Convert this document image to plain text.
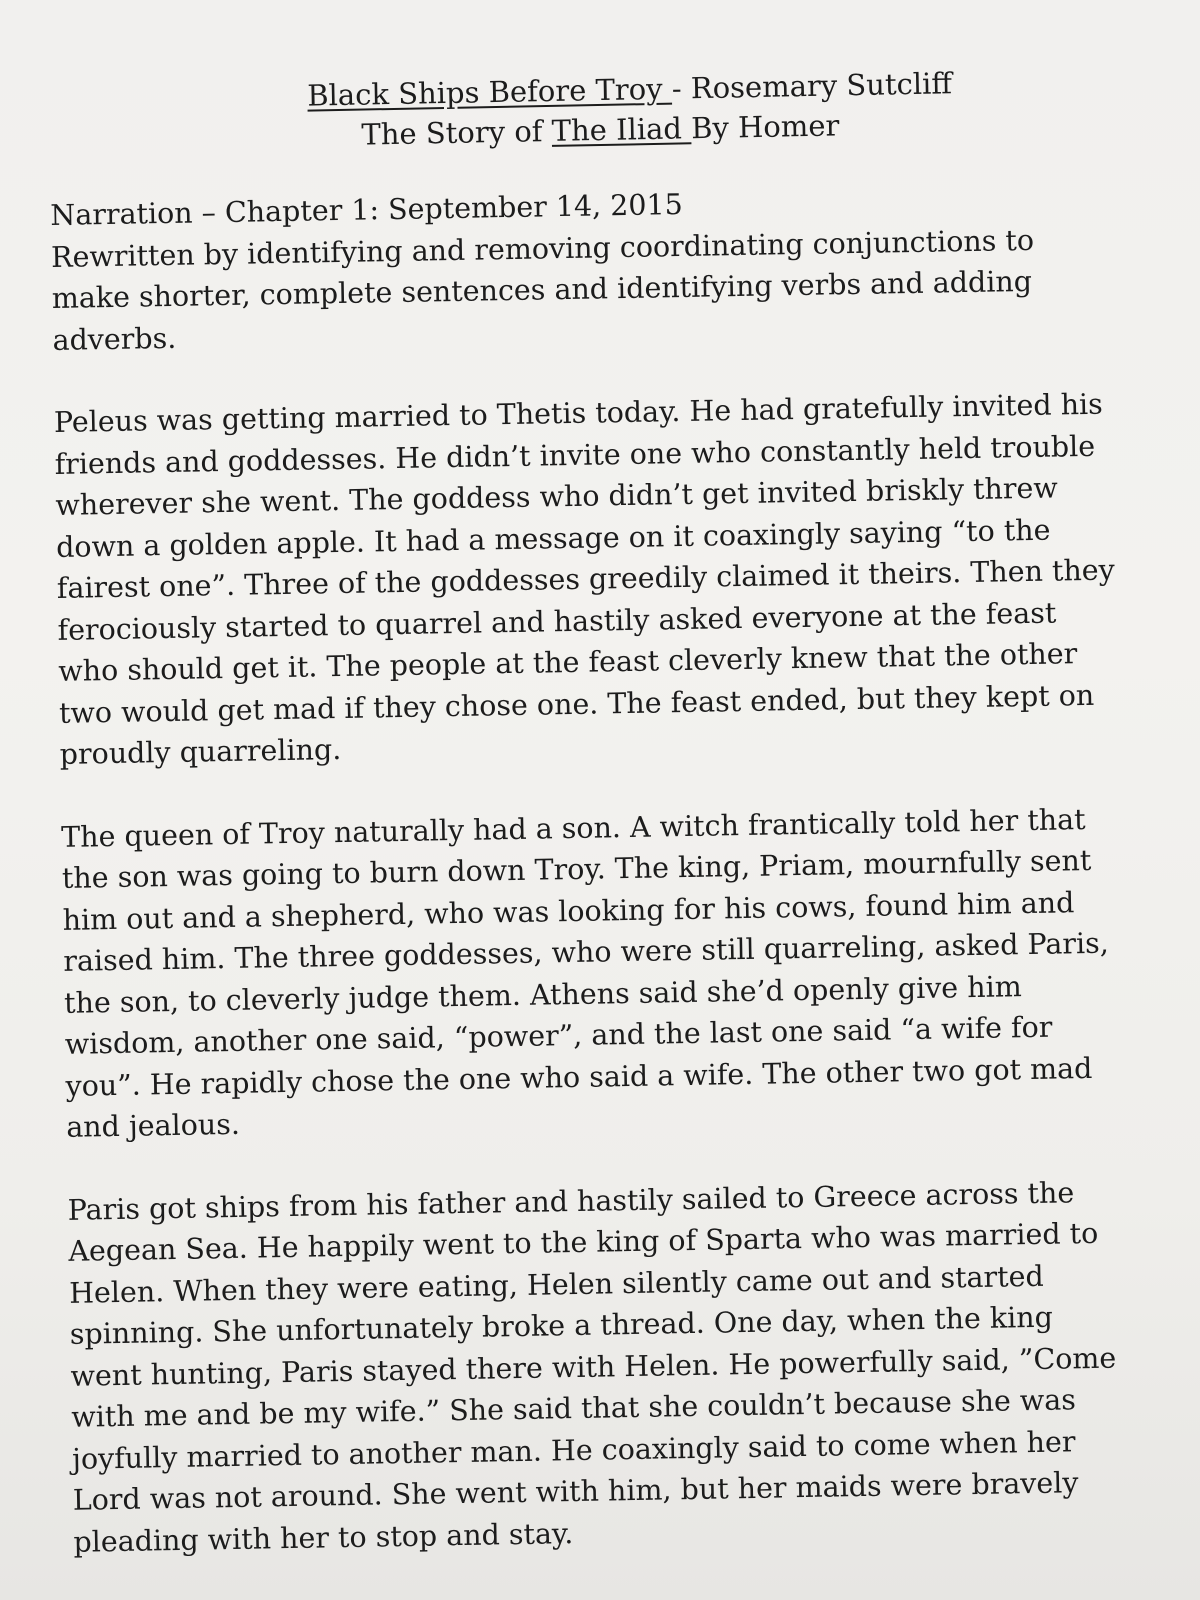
Black Ships Before Troy - Rosemary Sutcliff
The Story of The Iliad By Homer
Narration – Chapter 1: September 14, 2015
Rewritten by identifying and removing coordinating conjunctions to
make shorter, complete sentences and identifying verbs and adding
adverbs.
Peleus was getting married to Thetis today. He had gratefully invited his
friends and goddesses. He didn’t invite one who constantly held trouble
wherever she went. The goddess who didn’t get invited briskly threw
down a golden apple. It had a message on it coaxingly saying “to the
fairest one”. Three of the goddesses greedily claimed it theirs. Then they
ferociously started to quarrel and hastily asked everyone at the feast
who should get it. The people at the feast cleverly knew that the other
two would get mad if they chose one. The feast ended, but they kept on
proudly quarreling.
The queen of Troy naturally had a son. A witch frantically told her that
the son was going to burn down Troy. The king, Priam, mournfully sent
him out and a shepherd, who was looking for his cows, found him and
raised him. The three goddesses, who were still quarreling, asked Paris,
the son, to cleverly judge them. Athens said she’d openly give him
wisdom, another one said, “power”, and the last one said “a wife for
you”. He rapidly chose the one who said a wife. The other two got mad
and jealous.
Paris got ships from his father and hastily sailed to Greece across the
Aegean Sea. He happily went to the king of Sparta who was married to
Helen. When they were eating, Helen silently came out and started
spinning. She unfortunately broke a thread. One day, when the king
went hunting, Paris stayed there with Helen. He powerfully said, ”Come
with me and be my wife.” She said that she couldn’t because she was
joyfully married to another man. He coaxingly said to come when her
Lord was not around. She went with him, but her maids were bravely
pleading with her to stop and stay.
